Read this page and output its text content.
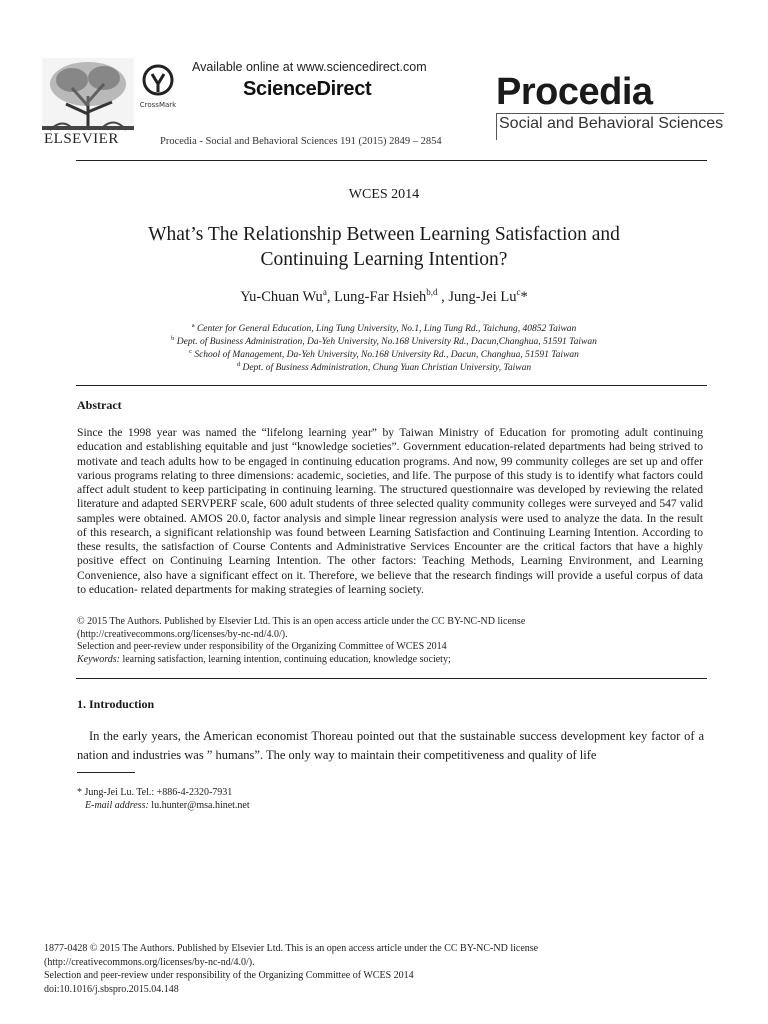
ELSEVIER
CrossMark
Available online at www.sciencedirect.com
ScienceDirect
Procedia - Social and Behavioral Sciences 191 (2015) 2849 – 2854
Procedia
Social and Behavioral Sciences
WCES 2014
What’s The Relationship Between Learning Satisfaction and
Continuing Learning Intention?
Yu-Chuan Wu$^a$, Lung-Far Hsieh$^{b,d}$ , Jung-Jei Lu$^c$*
$^a$ Center for General Education, Ling Tung University, No.1, Ling Tung Rd., Taichung, 40852 Taiwan
$^b$ Dept. of Business Administration, Da-Yeh University, No.168 University Rd., Dacun,Changhua, 51591 Taiwan
$^c$ School of Management, Da-Yeh University, No.168 University Rd., Dacun, Changhua, 51591 Taiwan
$^d$ Dept. of Business Administration, Chung Yuan Christian University, Taiwan
Abstract
Since the 1998 year was named the “lifelong learning year” by Taiwan Ministry of Education for promoting adult continuing education and establishing equitable and just “knowledge societies”. Government education-related departments had being strived to motivate and teach adults how to be engaged in continuing education programs. And now, 99 community colleges are set up and offer various programs relating to three dimensions: academic, societies, and life. The purpose of this study is to identify what factors could affect adult student to keep participating in continuing learning. The structured questionnaire was developed by reviewing the related literature and adapted SERVPERF scale, 600 adult students of three selected quality community colleges were surveyed and 547 valid samples were obtained. AMOS 20.0, factor analysis and simple linear regression analysis were used to analyze the data. In the result of this research, a significant relationship was found between Learning Satisfaction and Continuing Learning Intention. According to these results, the satisfaction of Course Contents and Administrative Services Encounter are the critical factors that have a highly positive effect on Continuing Learning Intention. The other factors: Teaching Methods, Learning Environment, and Learning Convenience, also have a significant effect on it. Therefore, we believe that the research findings will provide a useful corpus of data to education- related departments for making strategies of learning society.
© 2015 The Authors. Published by Elsevier Ltd. This is an open access article under the CC BY-NC-ND license
(http://creativecommons.org/licenses/by-nc-nd/4.0/).
Selection and peer-review under responsibility of the Organizing Committee of WCES 2014
Keywords: learning satisfaction, learning intention, continuing education, knowledge society;
1. Introduction
In the early years, the American economist Thoreau pointed out that the sustainable success development key factor of a nation and industries was ” humans”. The only way to maintain their competitiveness and quality of life
* Jung-Jei Lu. Tel.: +886-4-2320-7931
E-mail address: lu.hunter@msa.hinet.net
1877-0428 © 2015 The Authors. Published by Elsevier Ltd. This is an open access article under the CC BY-NC-ND license
(http://creativecommons.org/licenses/by-nc-nd/4.0/).
Selection and peer-review under responsibility of the Organizing Committee of WCES 2014
doi:10.1016/j.sbspro.2015.04.148
